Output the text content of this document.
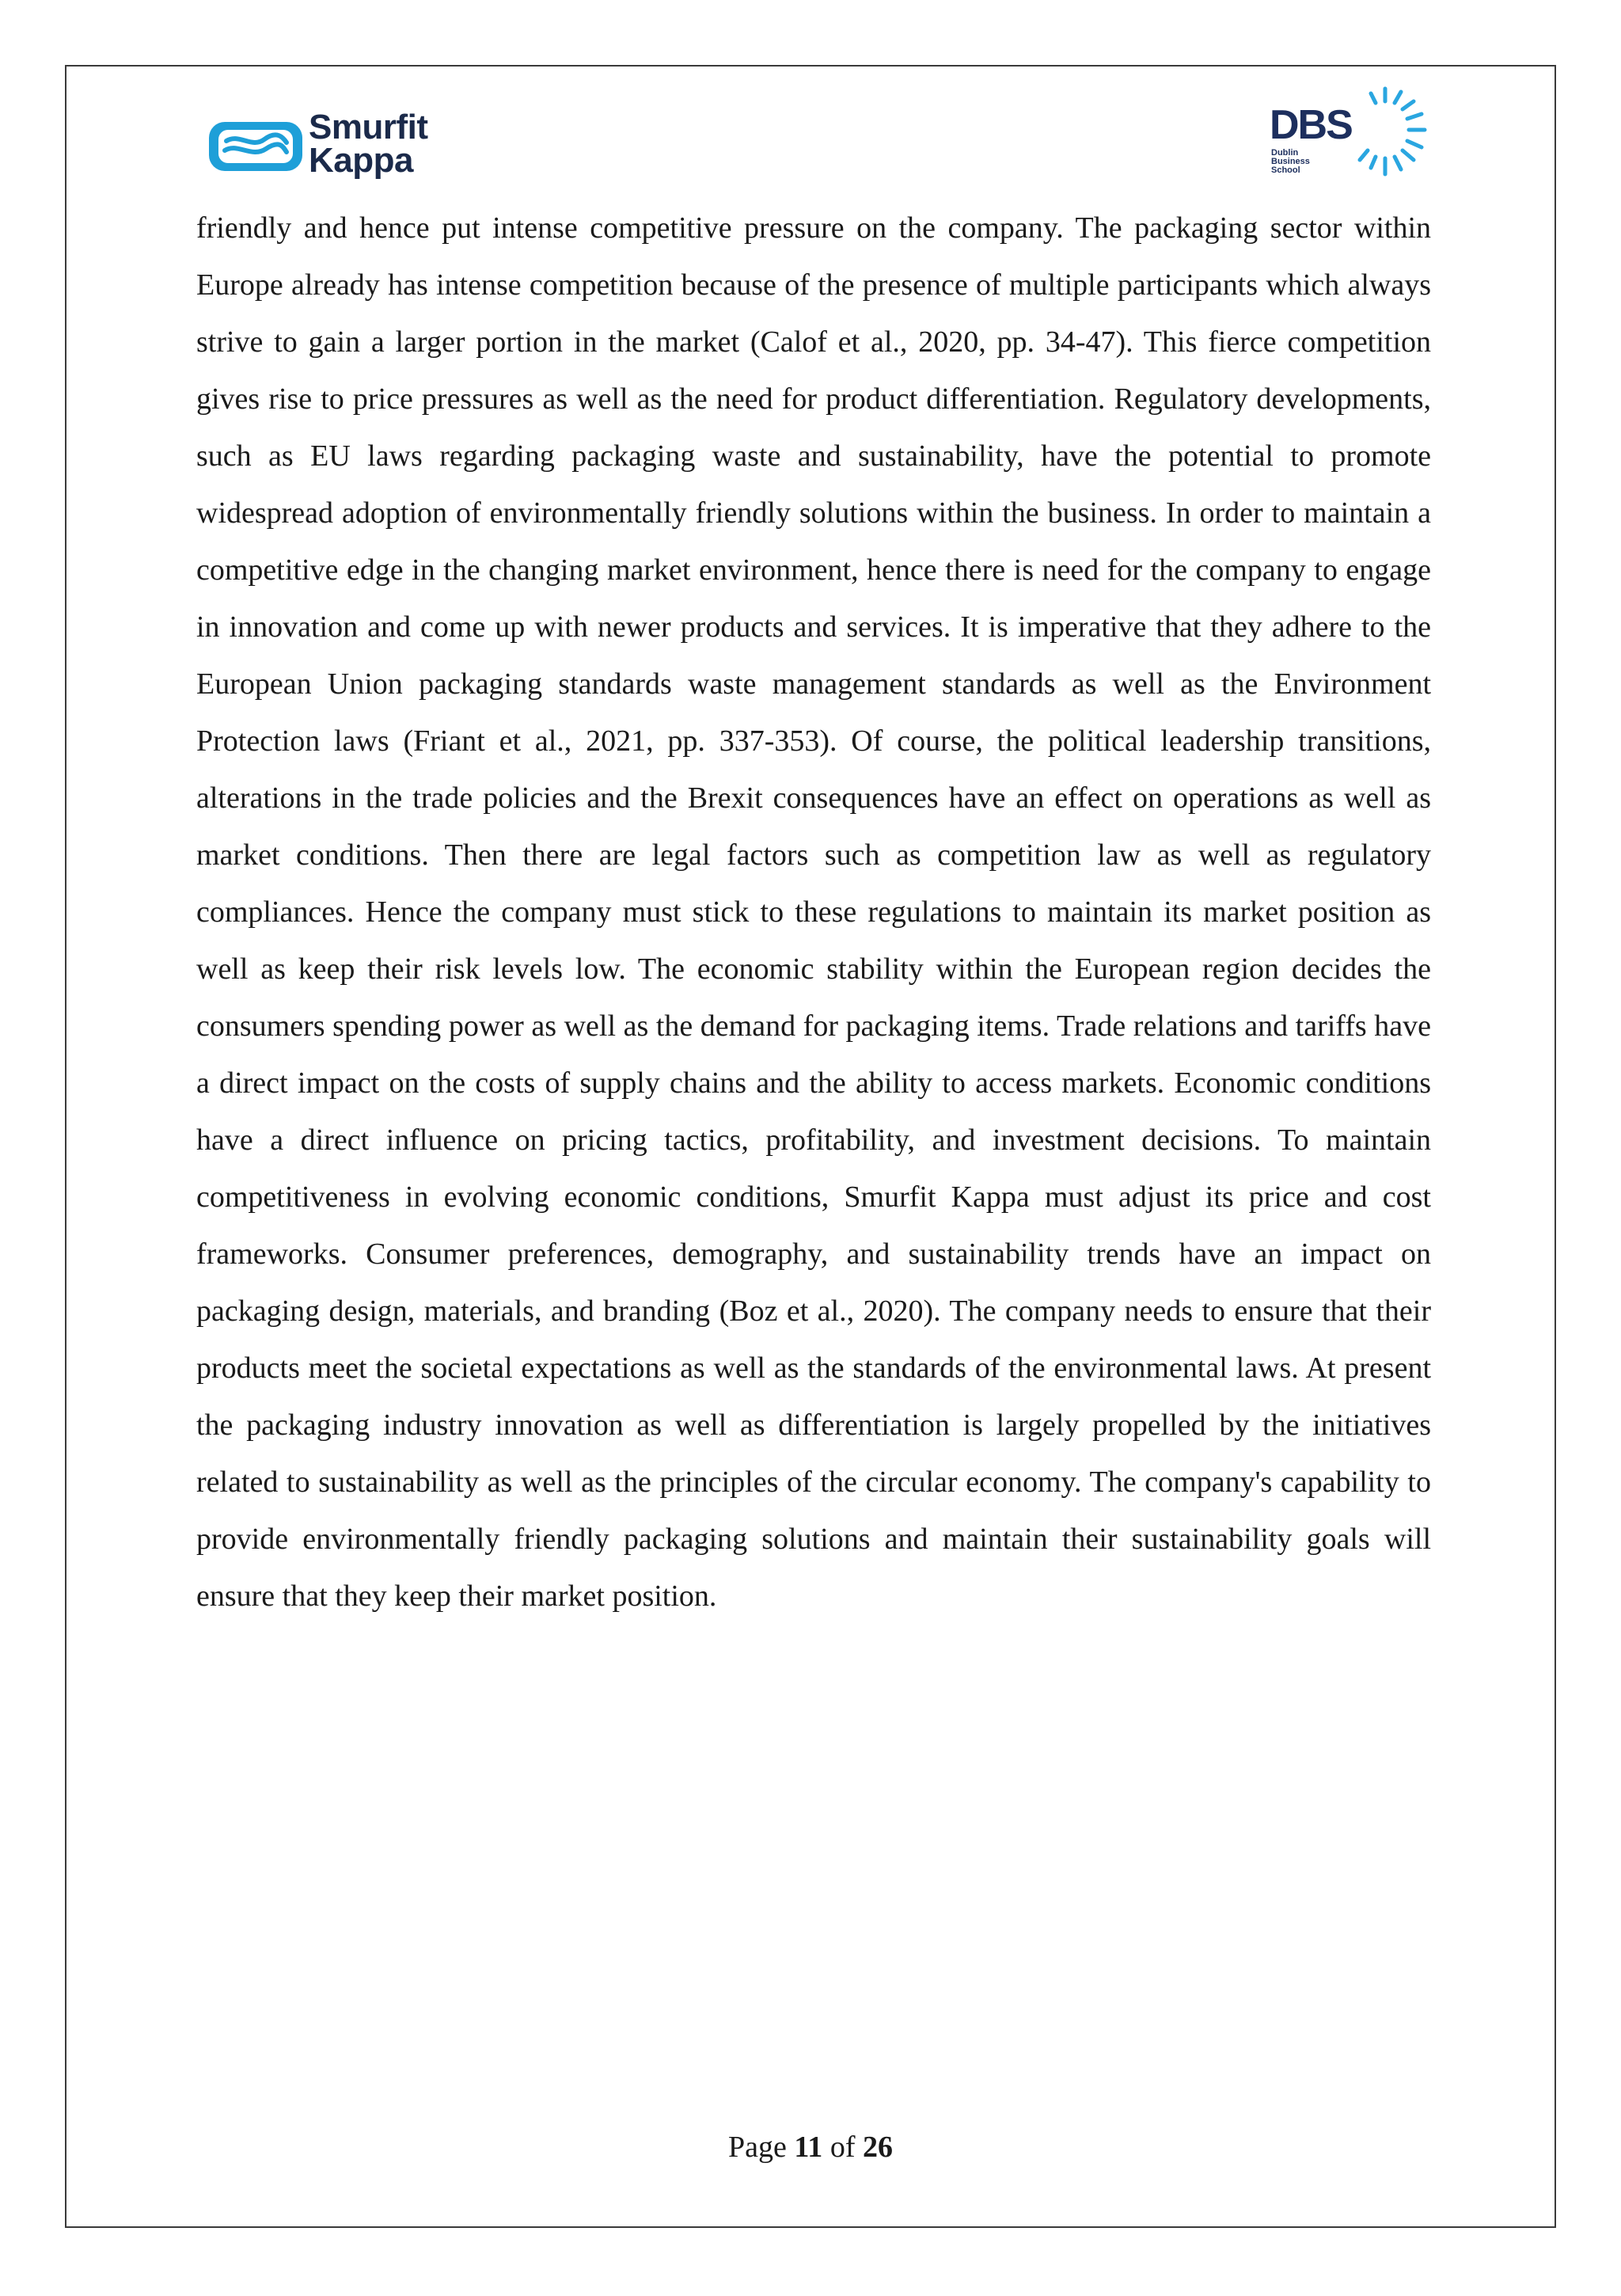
Smurfit
Kappa
DBS
Dublin
Business
School

friendly and hence put intense competitive pressure on the company. The packaging sector within Europe already has intense competition because of the presence of multiple participants which always strive to gain a larger portion in the market (Calof et al., 2020, pp. 34-47). This fierce competition gives rise to price pressures as well as the need for product differentiation. Regulatory developments, such as EU laws regarding packaging waste and sustainability, have the potential to promote widespread adoption of environmentally friendly solutions within the business. In order to maintain a competitive edge in the changing market environment, hence there is need for the company to engage in innovation and come up with newer products and services. It is imperative that they adhere to the European Union packaging standards waste management standards as well as the Environment Protection laws (Friant et al., 2021, pp. 337-353). Of course, the political leadership transitions, alterations in the trade policies and the Brexit consequences have an effect on operations as well as market conditions. Then there are legal factors such as competition law as well as regulatory compliances. Hence the company must stick to these regulations to maintain its market position as well as keep their risk levels low. The economic stability within the European region decides the consumers spending power as well as the demand for packaging items. Trade relations and tariffs have a direct impact on the costs of supply chains and the ability to access markets. Economic conditions have a direct influence on pricing tactics, profitability, and investment decisions. To maintain competitiveness in evolving economic conditions, Smurfit Kappa must adjust its price and cost frameworks. Consumer preferences, demography, and sustainability trends have an impact on packaging design, materials, and branding (Boz et al., 2020). The company needs to ensure that their products meet the societal expectations as well as the standards of the environmental laws. At present the packaging industry innovation as well as differentiation is largely propelled by the initiatives related to sustainability as well as the principles of the circular economy. The company's capability to provide environmentally friendly packaging solutions and maintain their sustainability goals will ensure that they keep their market position.

Page 11 of 26
